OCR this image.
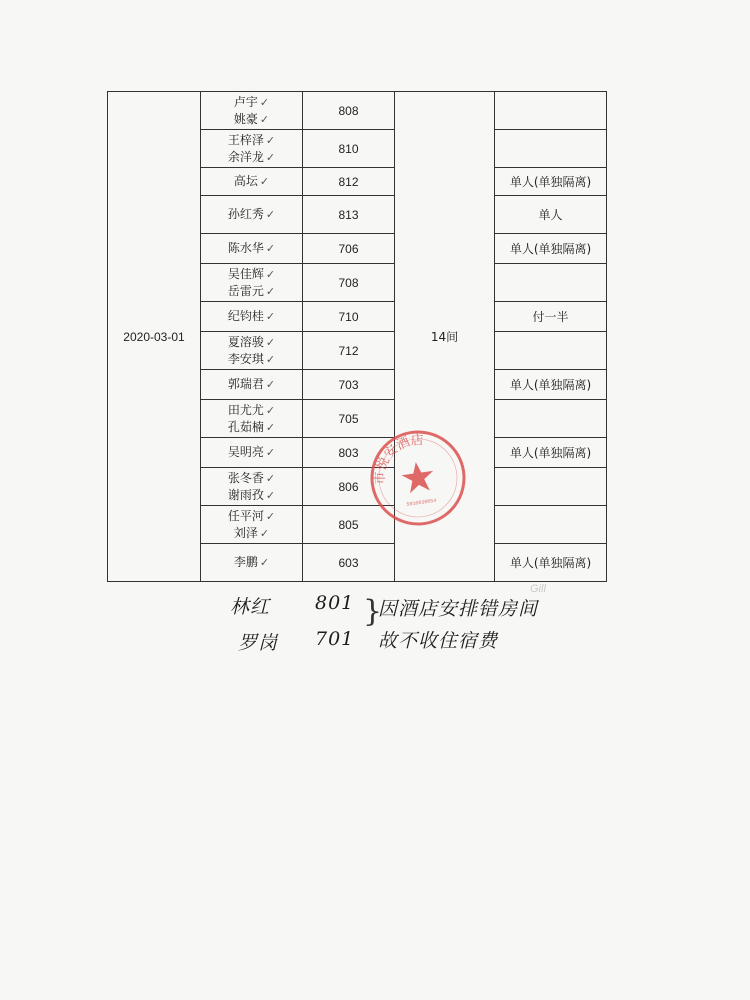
2020-03-01	卢宇 ✓
姚豪 ✓	808	14间	

	王梓泽 ✓
余洋龙 ✓	810		

	高坛 ✓	812		单人(单独隔离)

	孙红秀 ✓	813		单人

	陈水华 ✓	706		单人(单独隔离)

	吴佳辉 ✓
岳雷元 ✓	708		

	纪钧桂 ✓	710		付一半

	夏溶骏 ✓
李安琪 ✓	712		

	郭瑞君 ✓	703		单人(单独隔离)

	田尤尤 ✓
孔茹楠 ✓	705		

	吴明亮 ✓	803		单人(单独隔离)

	张冬香 ✓
谢雨孜 ✓	806		

	任平河 ✓
刘泽 ✓	805		

	李鹏 ✓	603		单人(单独隔离)
市悦安酒店
5010030054
林红 801 }
因酒店安排错房间
罗岗 701 故不收住宿费
Gill
